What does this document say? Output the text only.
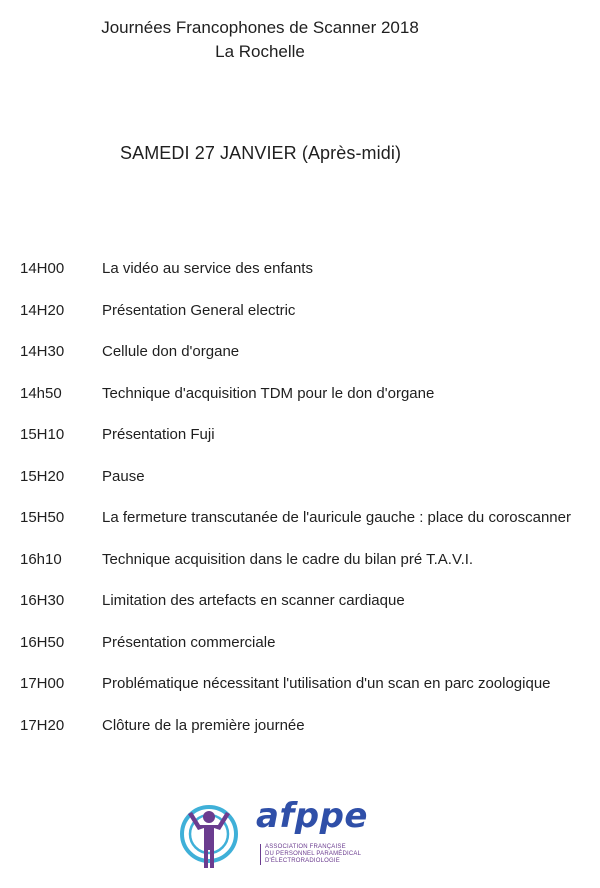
Journées Francophones de Scanner 2018
La Rochelle
SAMEDI 27 JANVIER (Après-midi)
14H00	La vidéo au service des enfants
14H20	Présentation General electric
14H30	Cellule don d'organe
14h50	Technique d'acquisition TDM pour le don d'organe
15H10	Présentation Fuji
15H20	Pause
15H50	La fermeture transcutanée de l'auricule gauche : place du coroscanner
16h10	Technique acquisition dans le cadre du bilan pré T.A.V.I.
16H30	Limitation des artefacts en scanner cardiaque
16H50	Présentation commerciale
17H00	Problématique nécessitant l'utilisation d'un scan en parc zoologique
17H20	Clôture de la première journée
afppe
ASSOCIATION FRANÇAISE
DU PERSONNEL PARAMÉDICAL
D'ÉLECTRORADIOLOGIE
